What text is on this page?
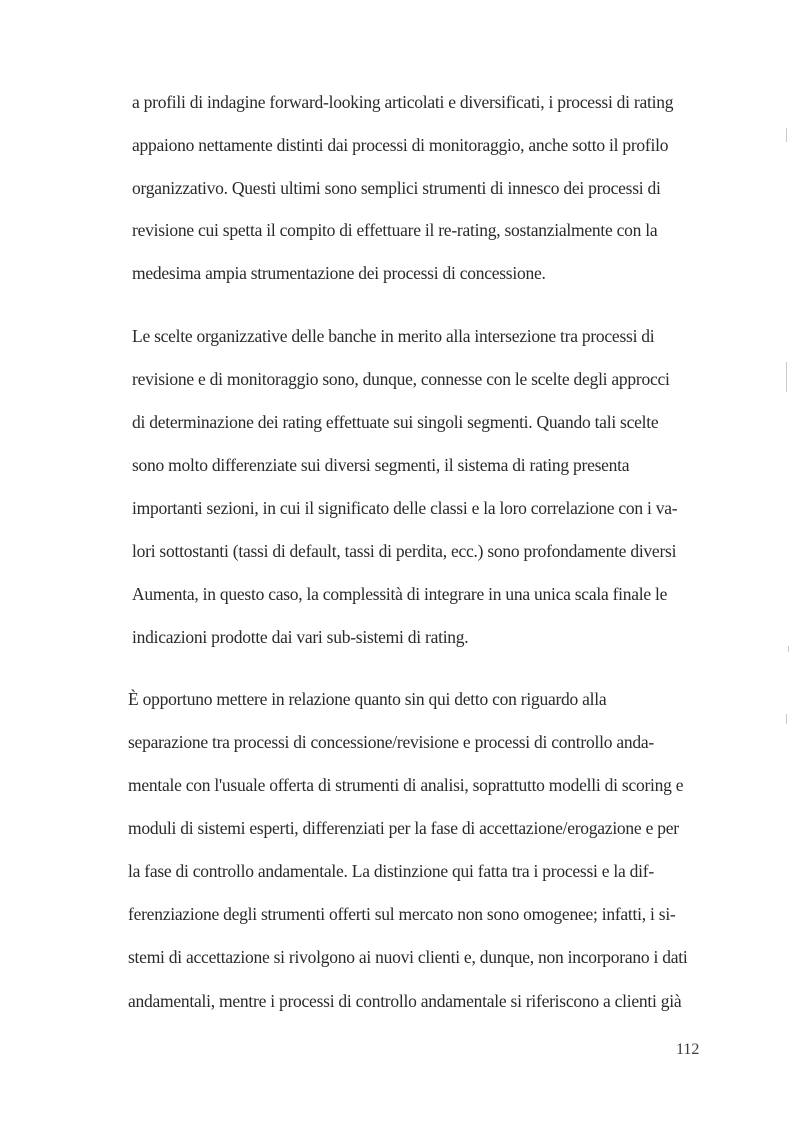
a profili di indagine forward-looking articolati e diversificati, i processi di rating
appaiono nettamente distinti dai processi di monitoraggio, anche sotto il profilo
organizzativo. Questi ultimi sono semplici strumenti di innesco dei processi di
revisione cui spetta il compito di effettuare il re-rating, sostanzialmente con la
medesima ampia strumentazione dei processi di concessione.
Le scelte organizzative delle banche in merito alla intersezione tra processi di
revisione e di monitoraggio sono, dunque, connesse con le scelte degli approcci
di determinazione dei rating effettuate sui singoli segmenti. Quando tali scelte
sono molto differenziate sui diversi segmenti, il sistema di rating presenta
importanti sezioni, in cui il significato delle classi e la loro correlazione con i va-
lori sottostanti (tassi di default, tassi di perdita, ecc.) sono profondamente diversi
Aumenta, in questo caso, la complessità di integrare in una unica scala finale le
indicazioni prodotte dai vari sub-sistemi di rating.
È opportuno mettere in relazione quanto sin qui detto con riguardo alla
separazione tra processi di concessione/revisione e processi di controllo anda-
mentale con l'usuale offerta di strumenti di analisi, soprattutto modelli di scoring e
moduli di sistemi esperti, differenziati per la fase di accettazione/erogazione e per
la fase di controllo andamentale. La distinzione qui fatta tra i processi e la dif-
ferenziazione degli strumenti offerti sul mercato non sono omogenee; infatti, i si-
stemi di accettazione si rivolgono ai nuovi clienti e, dunque, non incorporano i dati
andamentali, mentre i processi di controllo andamentale si riferiscono a clienti già
112
